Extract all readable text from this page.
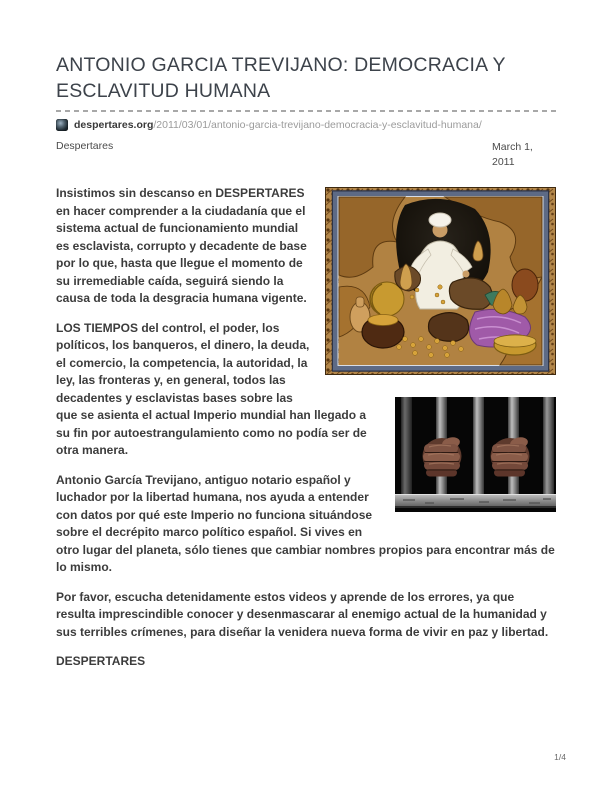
ANTONIO GARCIA TREVIJANO: DEMOCRACIA Y ESCLAVITUD HUMANA
despertares.org/2011/03/01/antonio-garcia-trevijano-democracia-y-esclavitud-humana/
Despertares	March 1, 2011

Insistimos sin descanso en DESPERTARES en hacer comprender a la ciudadanía que el sistema actual de funcionamiento mundial es esclavista, corrupto y decadente de base por lo que, hasta que llegue el momento de su irremediable caída, seguirá siendo la causa de toda la desgracia humana vigente.

LOS TIEMPOS del control, el poder, los políticos, los banqueros, el dinero, la deuda, el comercio, la competencia, la autoridad, la ley, las fronteras y, en general, todos las decadentes y esclavistas bases sobre las que se asienta el actual Imperio mundial han llegado a su fin por autoestrangulamiento como no podía ser de otra manera.

Antonio García Trevijano, antiguo notario español y luchador por la libertad humana, nos ayuda a entender con datos por qué este Imperio no funciona situándose sobre el decrépito marco político español. Si vives en otro lugar del planeta, sólo tienes que cambiar nombres propios para encontrar más de lo mismo.

Por favor, escucha detenidamente estos videos y aprende de los errores, ya que resulta imprescindible conocer y desenmascarar al enemigo actual de la humanidad y sus terribles crímenes, para diseñar la venidera nueva forma de vivir en paz y libertad.

DESPERTARES

1/4
